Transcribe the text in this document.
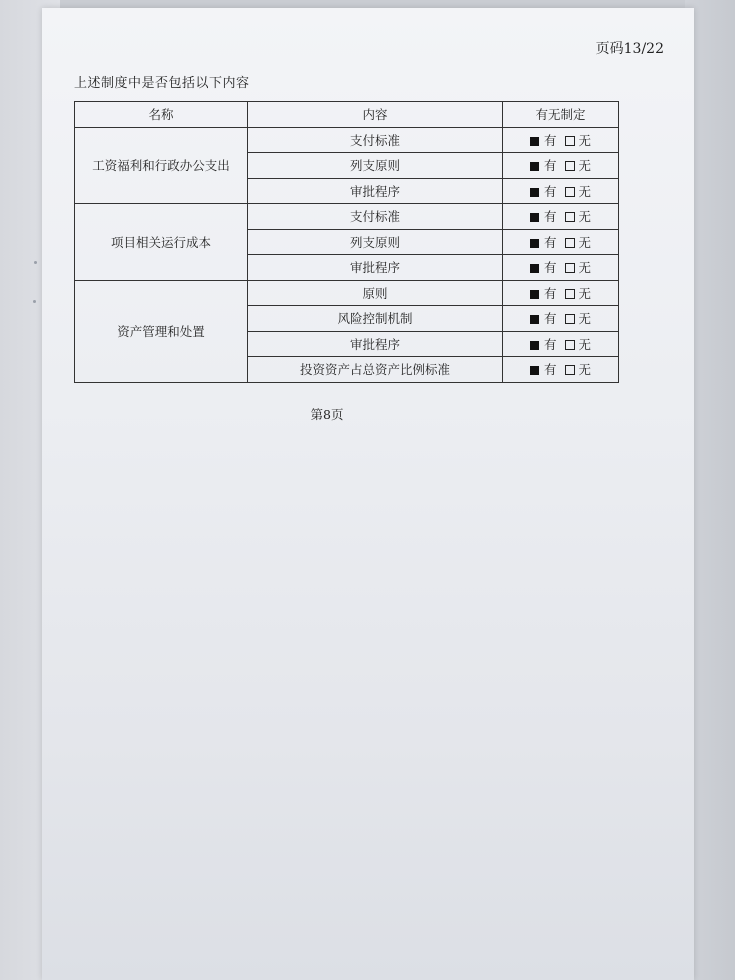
页码13/22
上述制度中是否包括以下内容
名称	内容	有无制定
工资福利和行政办公支出	支付标准	有 无
	列支原则	有 无
	审批程序	有 无
项目相关运行成本	支付标准	有 无
	列支原则	有 无
	审批程序	有 无
资产管理和处置	原则	有 无
	风险控制机制	有 无
	审批程序	有 无
	投资资产占总资产比例标准	有 无
第8页
